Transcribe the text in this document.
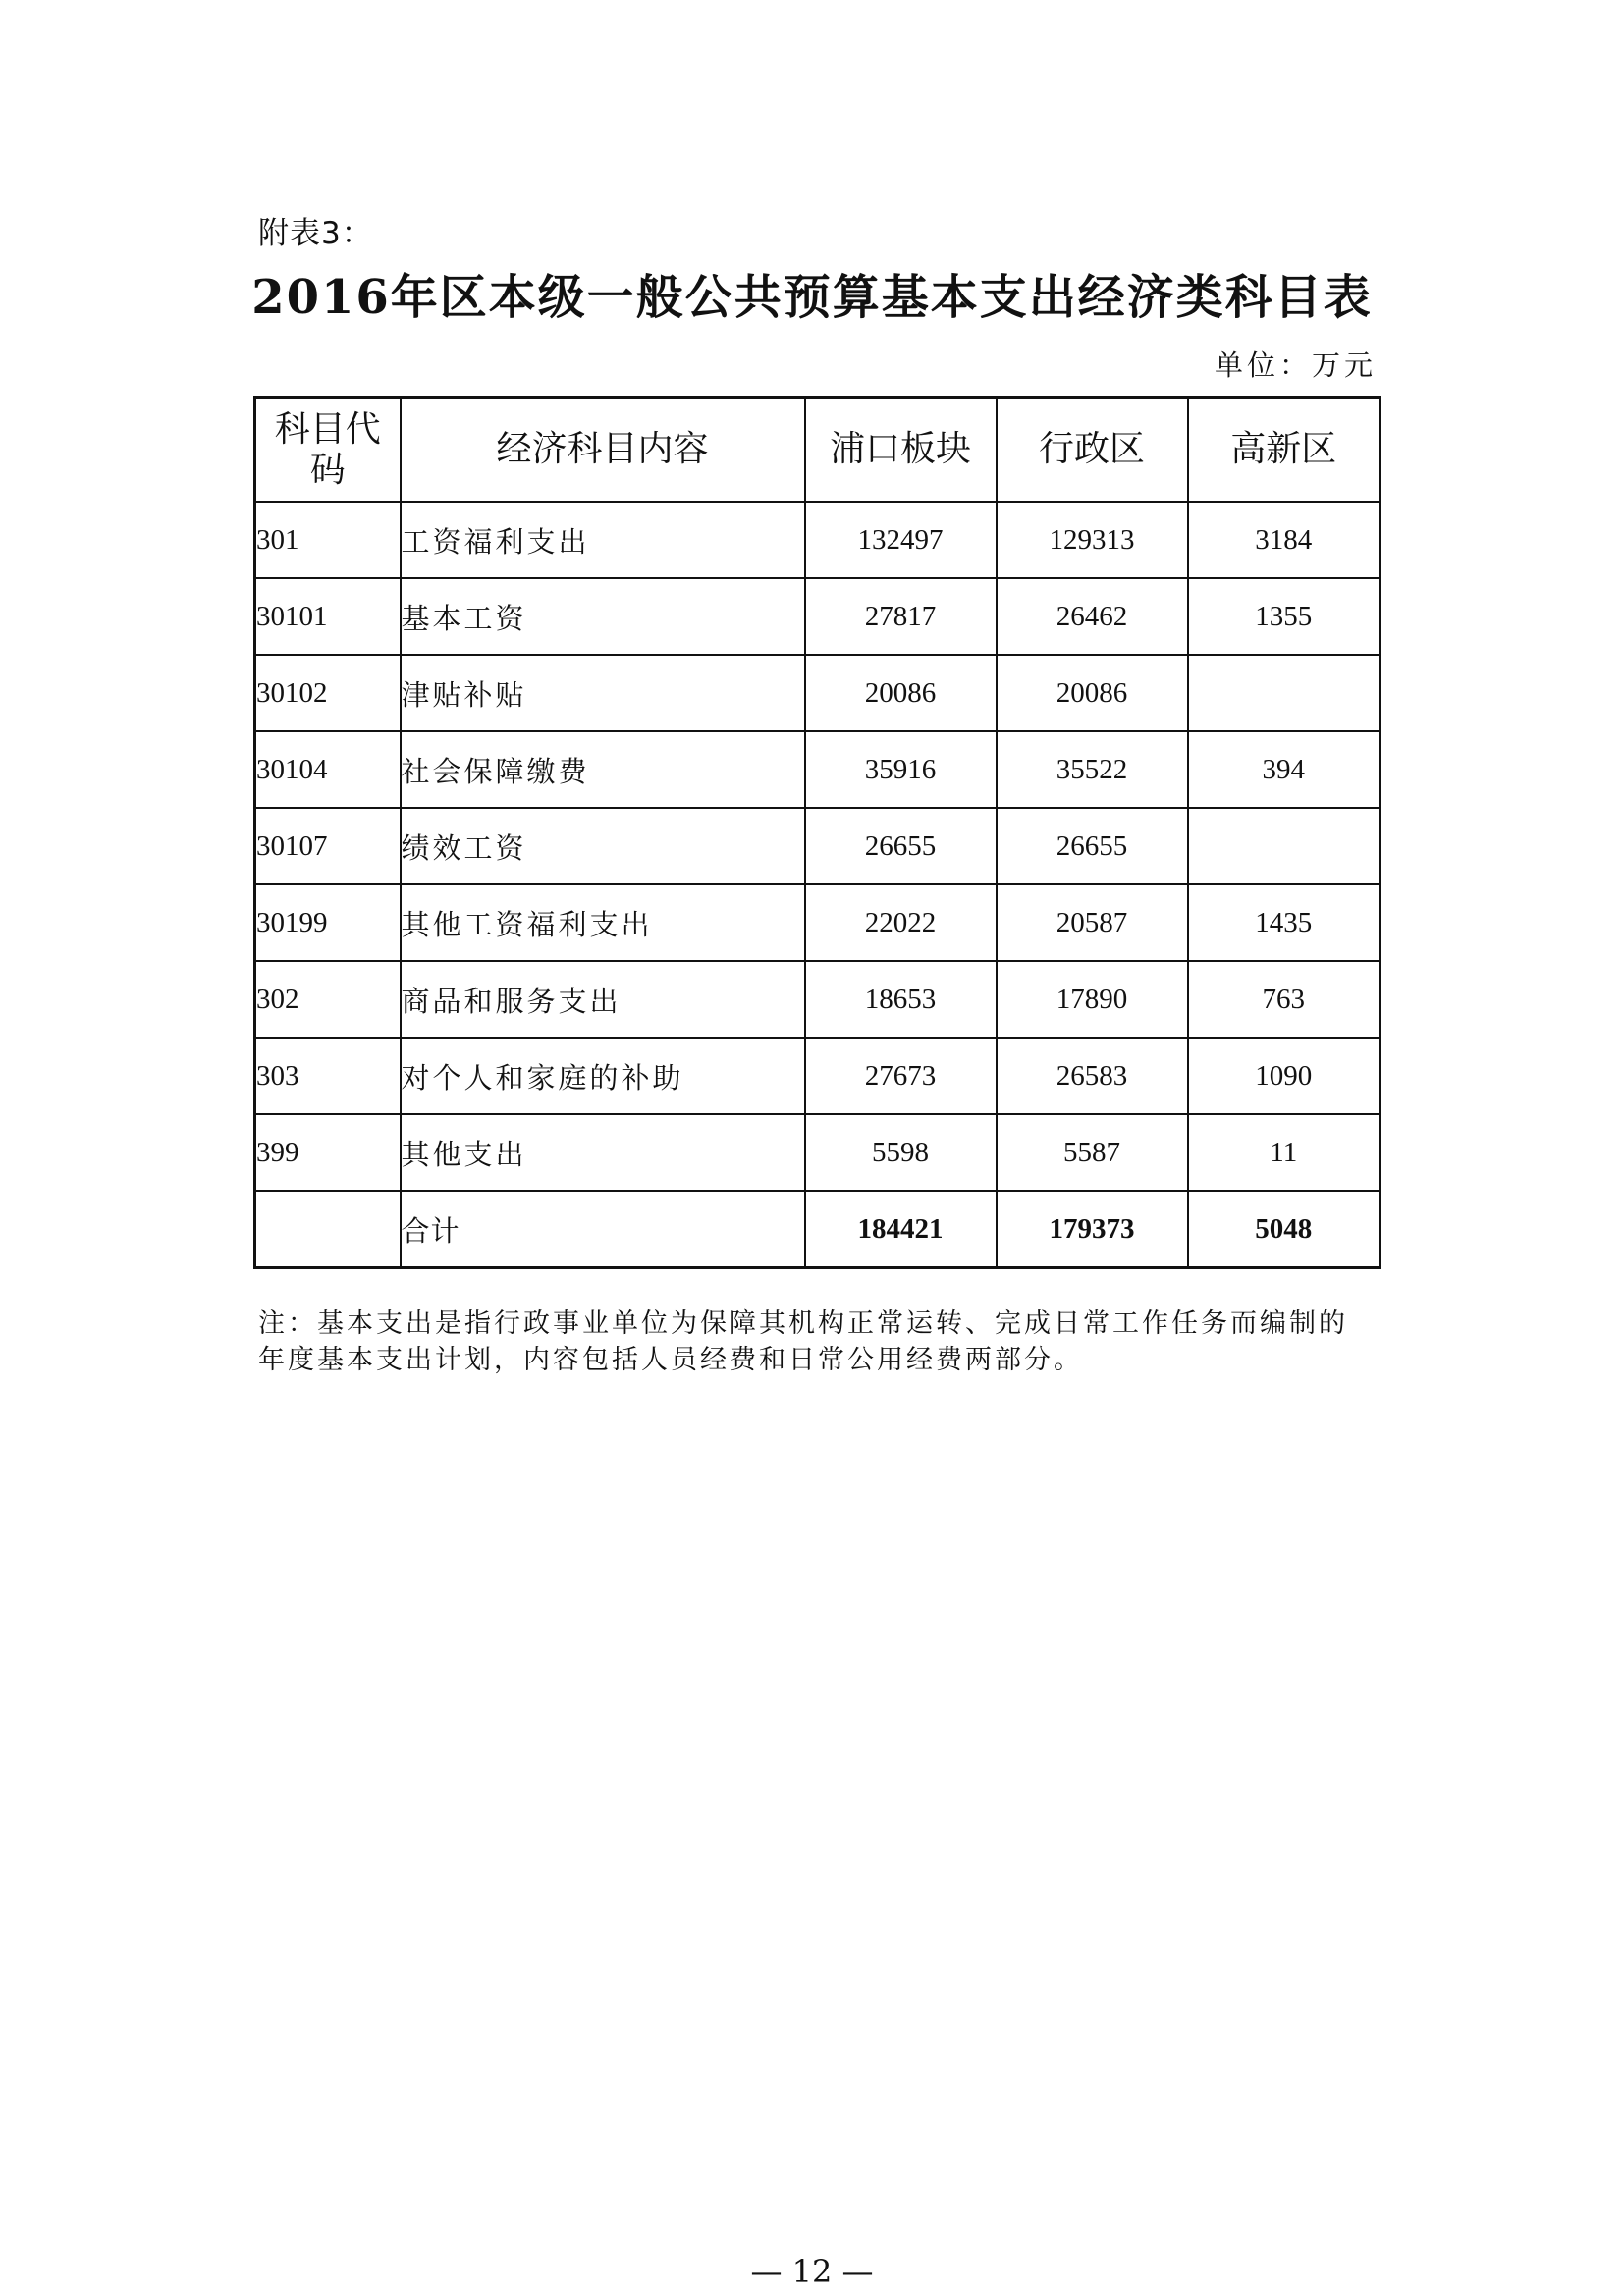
附表3：
2016年区本级一般公共预算基本支出经济类科目表
单位：万元
科目代码	经济科目内容	浦口板块	行政区	高新区
301	工资福利支出	132497	129313	3184
30101	基本工资	27817	26462	1355
30102	津贴补贴	20086	20086	
30104	社会保障缴费	35916	35522	394
30107	绩效工资	26655	26655	
30199	其他工资福利支出	22022	20587	1435
302	商品和服务支出	18653	17890	763
303	对个人和家庭的补助	27673	26583	1090
399	其他支出	5598	5587	11
	合计	184421	179373	5048
注：基本支出是指行政事业单位为保障其机构正常运转、完成日常工作任务而编制的年度基本支出计划，内容包括人员经费和日常公用经费两部分。
— 12 —
